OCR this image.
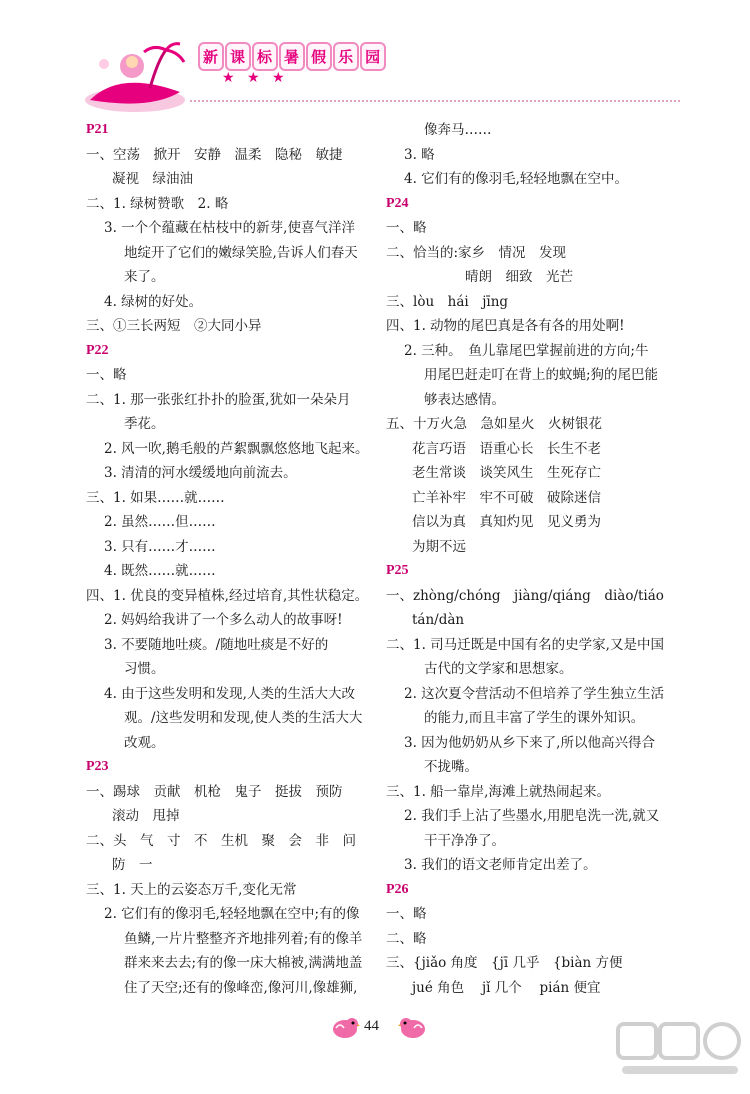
新 课 标 暑 假 乐 园
★ ★ ★
P21
一、空荡　掀开　安静　温柔　隐秘　敏捷
凝视　绿油油
二、1. 绿树赞歌　2. 略
3. 一个个蕴藏在枯枝中的新芽,使喜气洋洋
地绽开了它们的嫩绿笑脸,告诉人们春天
来了。
4. 绿树的好处。
三、①三长两短　②大同小异
P22
一、略
二、1. 那一张张红扑扑的脸蛋,犹如一朵朵月
季花。
2. 风一吹,鹅毛般的芦絮飘飘悠悠地飞起来。
3. 清清的河水缓缓地向前流去。
三、1. 如果……就……
2. 虽然……但……
3. 只有……才……
4. 既然……就……
四、1. 优良的变异植株,经过培育,其性状稳定。
2. 妈妈给我讲了一个多么动人的故事呀!
3. 不要随地吐痰。/随地吐痰是不好的
习惯。
4. 由于这些发明和发现,人类的生活大大改
观。/这些发明和发现,使人类的生活大大
改观。
P23
一、踢球　贡献　机枪　鬼子　挺拔　预防
滚动　甩掉
二、头　气　寸　不　生机　聚　会　非　问
防　一
三、1. 天上的云姿态万千,变化无常
2. 它们有的像羽毛,轻轻地飘在空中;有的像
鱼鳞,一片片整整齐齐地排列着;有的像羊
群来来去去;有的像一床大棉被,满满地盖
住了天空;还有的像峰峦,像河川,像雄狮,
像奔马……
3. 略
4. 它们有的像羽毛,轻轻地飘在空中。
P24
一、略
二、恰当的:家乡　情况　发现
　　晴朗　细致　光芒
三、lòu　hái　jīng
四、1. 动物的尾巴真是各有各的用处啊!
2. 三种。　鱼儿靠尾巴掌握前进的方向;牛
用尾巴赶走叮在背上的蚊蝇;狗的尾巴能
够表达感情。
五、十万火急　急如星火　火树银花
花言巧语　语重心长　长生不老
老生常谈　谈笑风生　生死存亡
亡羊补牢　牢不可破　破除迷信
信以为真　真知灼见　见义勇为
为期不远
P25
一、zhòng/chóng　jiàng/qiáng　diào/tiáo
tán/dàn
二、1. 司马迁既是中国有名的史学家,又是中国
古代的文学家和思想家。
2. 这次夏令营活动不但培养了学生独立生活
的能力,而且丰富了学生的课外知识。
3. 因为他奶奶从乡下来了,所以他高兴得合
不拢嘴。
三、1. 船一靠岸,海滩上就热闹起来。
2. 我们手上沾了些墨水,用肥皂洗一洗,就又
干干净净了。
3. 我们的语文老师肯定出差了。
P26
一、略
二、略
三、{jiǎo 角度　{jī 几乎　{biàn 方便
jué 角色　 jǐ 几个　 pián 便宜
44
